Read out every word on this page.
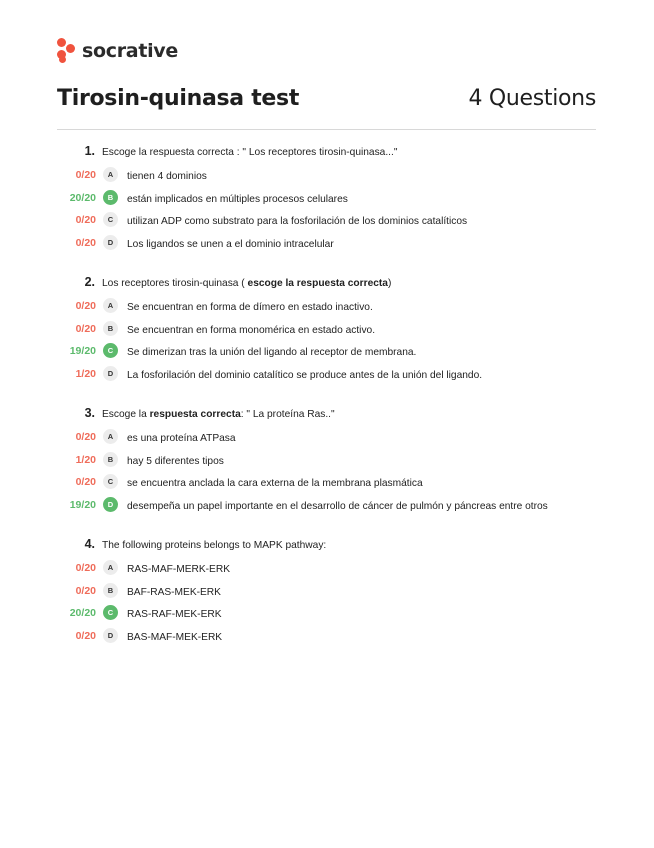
socrative
Tirosin-quinasa test	4 Questions
1. Escoge la respuesta correcta : " Los receptores tirosin-quinasa..."
0/20	A	tienen 4 dominios
20/20	B	están implicados en múltiples procesos celulares
0/20	C	utilizan ADP como substrato para la fosforilación de los dominios catalíticos
0/20	D	Los ligandos se unen a el dominio intracelular
2. Los receptores tirosin-quinasa ( escoge la respuesta correcta)
0/20	A	Se encuentran en forma de dímero en estado inactivo.
0/20	B	Se encuentran en forma monomérica en estado activo.
19/20	C	Se dimerizan tras la unión del ligando al receptor de membrana.
1/20	D	La fosforilación del dominio catalítico se produce antes de la unión del ligando.
3. Escoge la respuesta correcta: " La proteína Ras.."
0/20	A	es una proteína ATPasa
1/20	B	hay 5 diferentes tipos
0/20	C	se encuentra anclada la cara externa de la membrana plasmática
19/20	D	desempeña un papel importante en el desarrollo de cáncer de pulmón y páncreas entre otros
4. The following proteins belongs to MAPK pathway:
0/20	A	RAS-MAF-MERK-ERK
0/20	B	BAF-RAS-MEK-ERK
20/20	C	RAS-RAF-MEK-ERK
0/20	D	BAS-MAF-MEK-ERK
